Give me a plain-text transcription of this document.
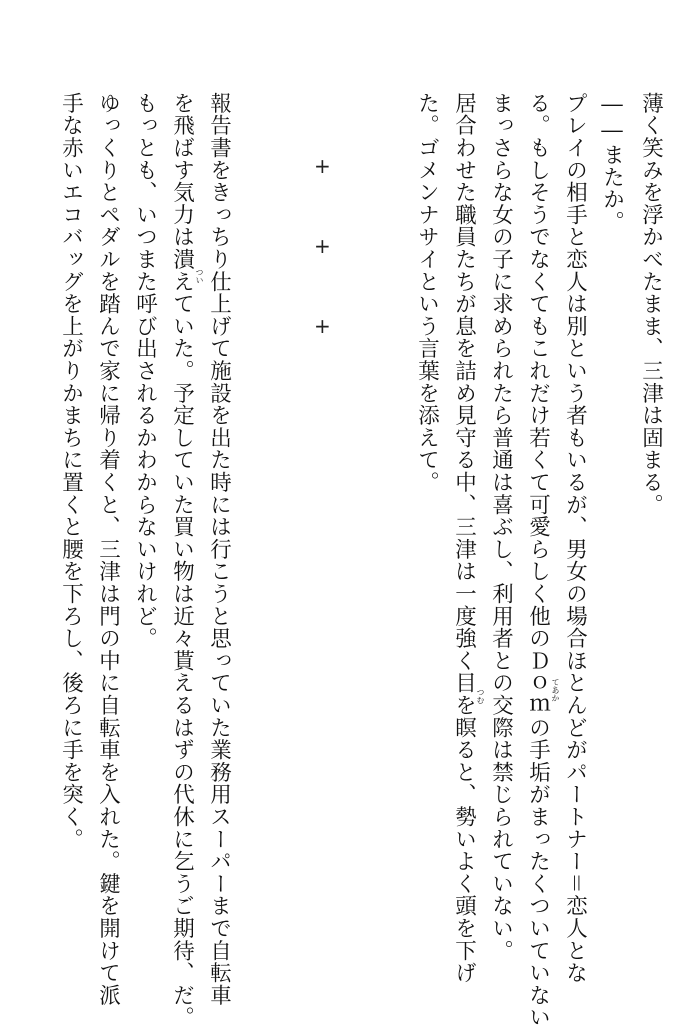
薄く笑みを浮かべたまま、三津は固まる。
――またか。
プレイの相手と恋人は別という者もいるが、男女の場合ほとんどがパートナー＝恋人とな
る。もしそうでなくてもこれだけ若くて可愛らしく他のＤｏｍの手垢がまったくついていない
てあか
まっさらな女の子に求められたら普通は喜ぶし、利用者との交際は禁じられていない。
居合わせた職員たちが息を詰め見守る中、三津は一度強く目を瞑ると、勢いよく頭を下げ
つむ
た。ゴメンナサイという言葉を添えて。
+
+
+
報告書をきっちり仕上げて施設を出た時には行こうと思っていた業務用スーパーまで自転車
を飛ばす気力は潰えていた。予定していた買い物は近々貰えるはずの代休に乞うご期待、だ。 つい
もっとも、いつまた呼び出されるかわからないけれど。
ゆっくりとペダルを踏んで家に帰り着くと、三津は門の中に自転車を入れた。鍵を開けて派
手な赤いエコバッグを上がりかまちに置くと腰を下ろし、後ろに手を突く。
